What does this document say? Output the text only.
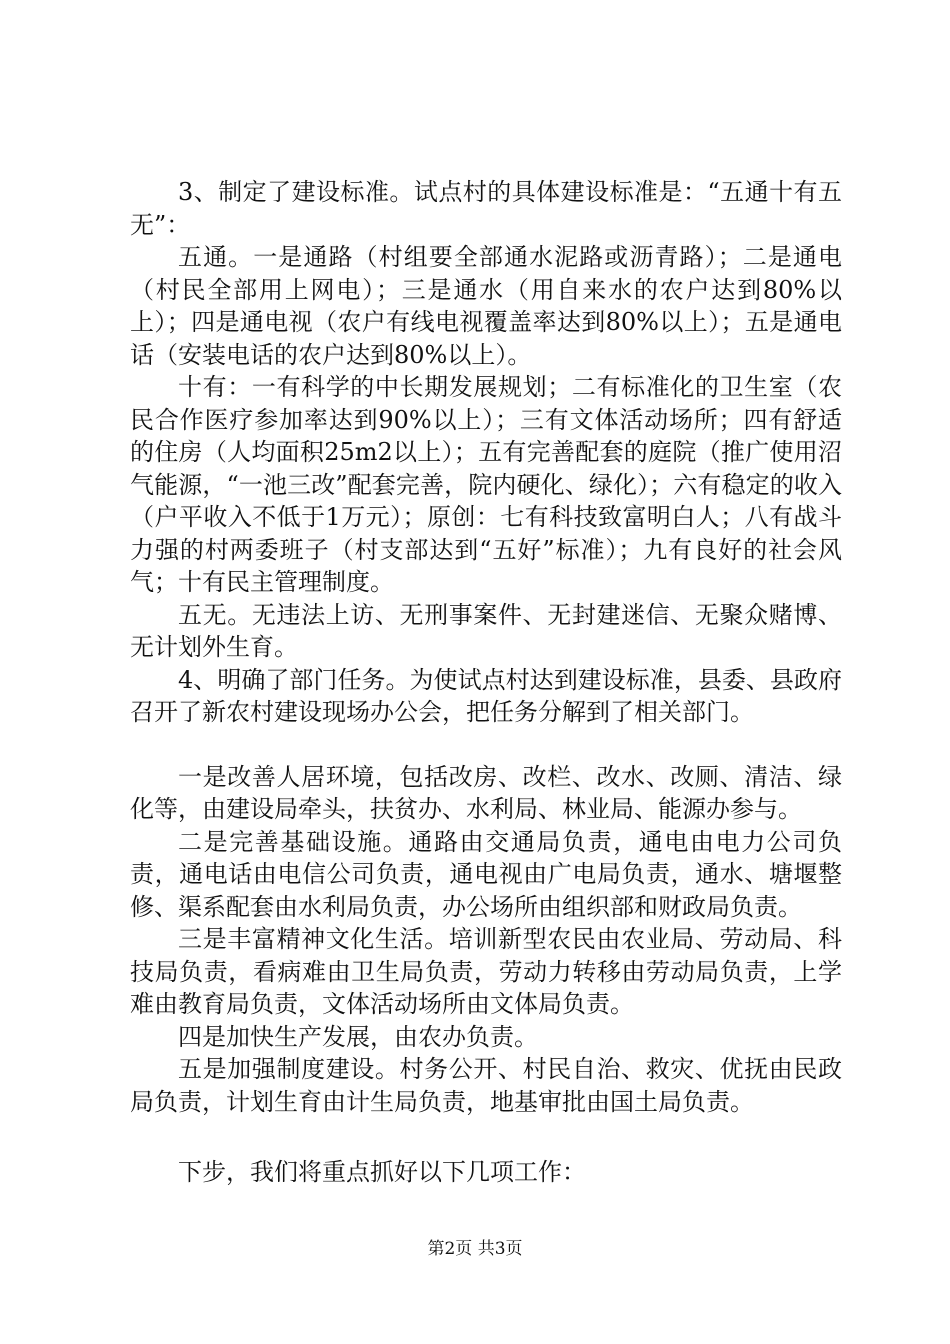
3、制定了建设标准。试点村的具体建设标准是：“五通十有五无”：

五通。一是通路（村组要全部通水泥路或沥青路）；二是通电（村民全部用上网电）；三是通水（用自来水的农户达到80%以上）；四是通电视（农户有线电视覆盖率达到80%以上）；五是通电话（安装电话的农户达到80%以上）。

十有：一有科学的中长期发展规划；二有标准化的卫生室（农民合作医疗参加率达到90%以上）；三有文体活动场所；四有舒适的住房（人均面积25m2以上）；五有完善配套的庭院（推广使用沼气能源，“一池三改”配套完善，院内硬化、绿化）；六有稳定的收入（户平收入不低于1万元）；原创：七有科技致富明白人；八有战斗力强的村两委班子（村支部达到“五好”标准）；九有良好的社会风气；十有民主管理制度。

五无。无违法上访、无刑事案件、无封建迷信、无聚众赌博、无计划外生育。

4、明确了部门任务。为使试点村达到建设标准，县委、县政府召开了新农村建设现场办公会，把任务分解到了相关部门。

一是改善人居环境，包括改房、改栏、改水、改厕、清洁、绿化等，由建设局牵头，扶贫办、水利局、林业局、能源办参与。

二是完善基础设施。通路由交通局负责，通电由电力公司负责，通电话由电信公司负责，通电视由广电局负责，通水、塘堰整修、渠系配套由水利局负责，办公场所由组织部和财政局负责。

三是丰富精神文化生活。培训新型农民由农业局、劳动局、科技局负责，看病难由卫生局负责，劳动力转移由劳动局负责，上学难由教育局负责，文体活动场所由文体局负责。

四是加快生产发展，由农办负责。

五是加强制度建设。村务公开、村民自治、救灾、优抚由民政局负责，计划生育由计生局负责，地基审批由国土局负责。

下步，我们将重点抓好以下几项工作：

第2页 共3页
